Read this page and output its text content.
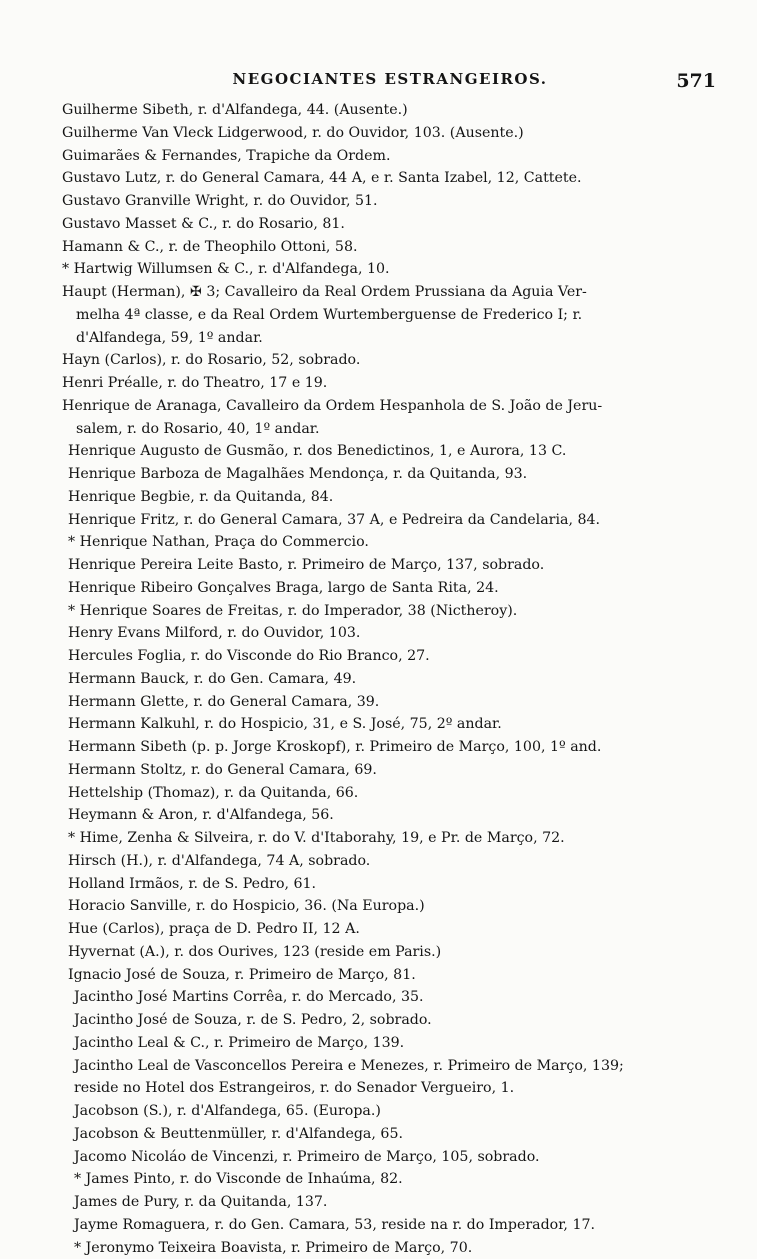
NEGOCIANTES ESTRANGEIROS.	571
Guilherme Sibeth, r. d'Alfandega, 44. (Ausente.)
Guilherme Van Vleck Lidgerwood, r. do Ouvidor, 103. (Ausente.)
Guimarães & Fernandes, Trapiche da Ordem.
Gustavo Lutz, r. do General Camara, 44 A, e r. Santa Izabel, 12, Cattete.
Gustavo Granville Wright, r. do Ouvidor, 51.
Gustavo Masset & C., r. do Rosario, 81.
Hamann & C., r. de Theophilo Ottoni, 58.
* Hartwig Willumsen & C., r. d'Alfandega, 10.
Haupt (Herman), ✠ 3; Cavalleiro da Real Ordem Prussiana da Aguia Ver-
melha 4ª classe, e da Real Ordem Wurtemberguense de Frederico I; r.
d'Alfandega, 59, 1º andar.
Hayn (Carlos), r. do Rosario, 52, sobrado.
Henri Préalle, r. do Theatro, 17 e 19.
Henrique de Aranaga, Cavalleiro da Ordem Hespanhola de S. João de Jeru-
salem, r. do Rosario, 40, 1º andar.
Henrique Augusto de Gusmão, r. dos Benedictinos, 1, e Aurora, 13 C.
Henrique Barboza de Magalhães Mendonça, r. da Quitanda, 93.
Henrique Begbie, r. da Quitanda, 84.
Henrique Fritz, r. do General Camara, 37 A, e Pedreira da Candelaria, 84.
* Henrique Nathan, Praça do Commercio.
Henrique Pereira Leite Basto, r. Primeiro de Março, 137, sobrado.
Henrique Ribeiro Gonçalves Braga, largo de Santa Rita, 24.
* Henrique Soares de Freitas, r. do Imperador, 38 (Nictheroy).
Henry Evans Milford, r. do Ouvidor, 103.
Hercules Foglia, r. do Visconde do Rio Branco, 27.
Hermann Bauck, r. do Gen. Camara, 49.
Hermann Glette, r. do General Camara, 39.
Hermann Kalkuhl, r. do Hospicio, 31, e S. José, 75, 2º andar.
Hermann Sibeth (p. p. Jorge Kroskopf), r. Primeiro de Março, 100, 1º and.
Hermann Stoltz, r. do General Camara, 69.
Hettelship (Thomaz), r. da Quitanda, 66.
Heymann & Aron, r. d'Alfandega, 56.
* Hime, Zenha & Silveira, r. do V. d'Itaborahy, 19, e Pr. de Março, 72.
Hirsch (H.), r. d'Alfandega, 74 A, sobrado.
Holland Irmãos, r. de S. Pedro, 61.
Horacio Sanville, r. do Hospicio, 36. (Na Europa.)
Hue (Carlos), praça de D. Pedro II, 12 A.
Hyvernat (A.), r. dos Ourives, 123 (reside em Paris.)
Ignacio José de Souza, r. Primeiro de Março, 81.
Jacintho José Martins Corrêa, r. do Mercado, 35.
Jacintho José de Souza, r. de S. Pedro, 2, sobrado.
Jacintho Leal & C., r. Primeiro de Março, 139.
Jacintho Leal de Vasconcellos Pereira e Menezes, r. Primeiro de Março, 139;
reside no Hotel dos Estrangeiros, r. do Senador Vergueiro, 1.
Jacobson (S.), r. d'Alfandega, 65. (Europa.)
Jacobson & Beuttenmüller, r. d'Alfandega, 65.
Jacomo Nicoláo de Vincenzi, r. Primeiro de Março, 105, sobrado.
* James Pinto, r. do Visconde de Inhaúma, 82.
James de Pury, r. da Quitanda, 137.
Jayme Romaguera, r. do Gen. Camara, 53, reside na r. do Imperador, 17.
* Jeronymo Teixeira Boavista, r. Primeiro de Março, 70.
